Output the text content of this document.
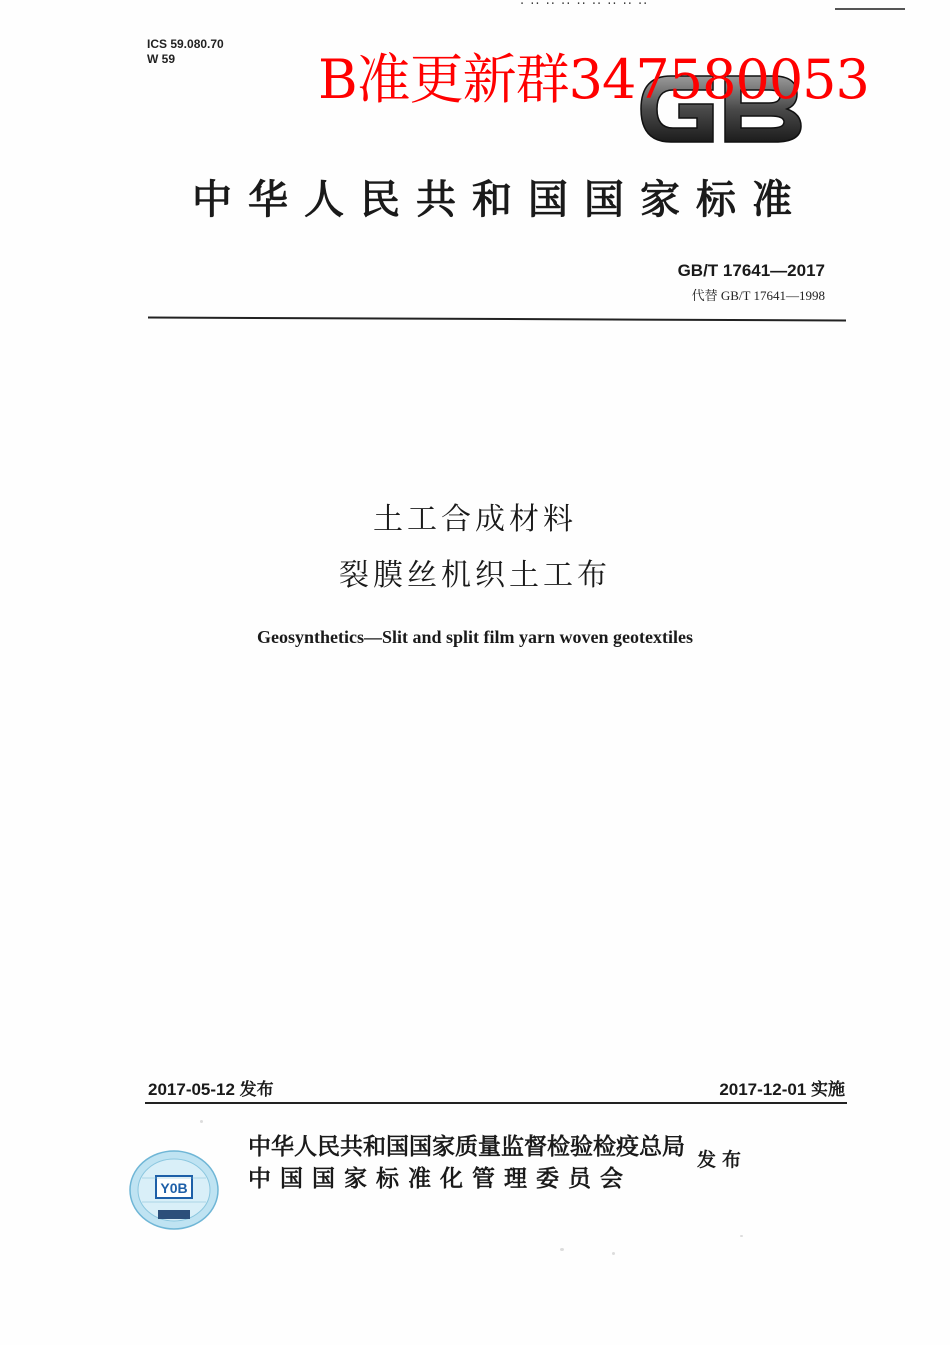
· ·· ·· ·· ·· ·· ·· ·· ··
ICS 59.080.70
W 59	B准更新群347580053
中华人民共和国国家标准
GB/T 17641—2017
代替 GB/T 17641—1998
土工合成材料
裂膜丝机织土工布
Geosynthetics—Slit and split film yarn woven geotextiles
2017-05-12 发布	2017-12-01 实施
Y0B
中华人民共和国国家质量监督检验检疫总局
中国国家标准化管理委员会
发布
